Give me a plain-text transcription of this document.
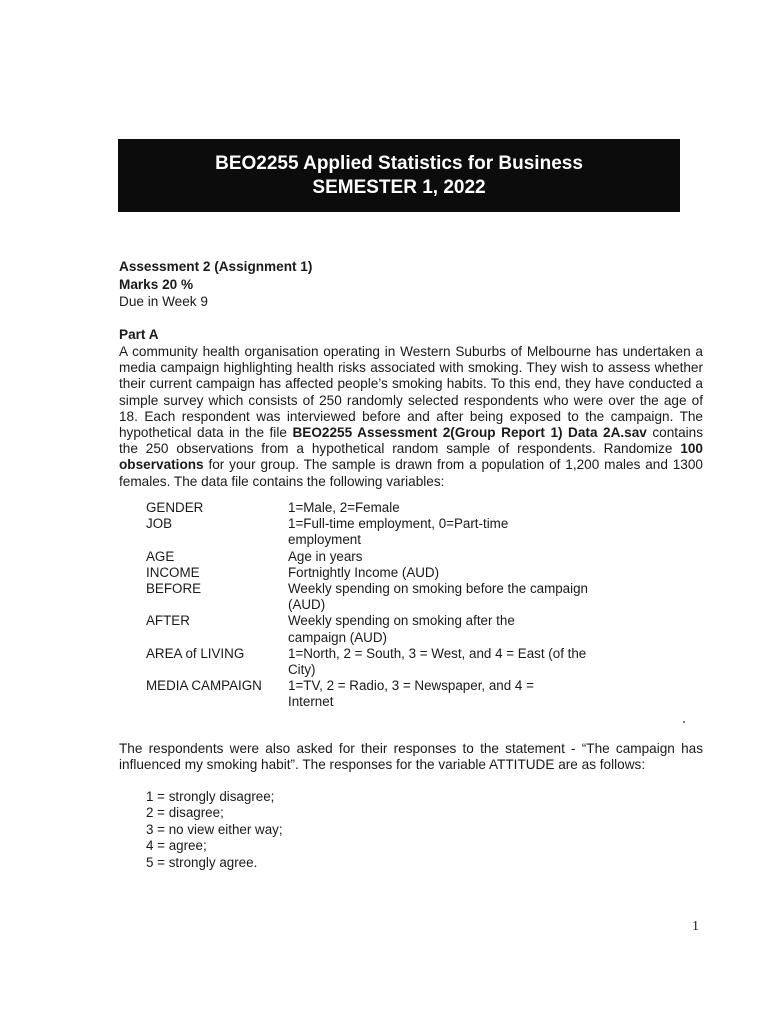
BEO2255 Applied Statistics for Business
SEMESTER 1, 2022
Assessment 2 (Assignment 1)
Marks 20 %
Due in Week 9
Part A
A community health organisation operating in Western Suburbs of Melbourne has undertaken a media campaign highlighting health risks associated with smoking. They wish to assess whether their current campaign has affected people’s smoking habits. To this end, they have conducted a simple survey which consists of 250 randomly selected respondents who were over the age of 18. Each respondent was interviewed before and after being exposed to the campaign. The hypothetical data in the file BEO2255 Assessment 2(Group Report 1) Data 2A.sav contains the 250 observations from a hypothetical random sample of respondents. Randomize 100 observations for your group. The sample is drawn from a population of 1,200 males and 1300 females. The data file contains the following variables:
GENDER	1=Male, 2=Female
JOB	1=Full-time employment, 0=Part-time employment
AGE	Age in years
INCOME	Fortnightly Income (AUD)
BEFORE	Weekly spending on smoking before the campaign (AUD)
AFTER	Weekly spending on smoking after the campaign (AUD)
AREA of LIVING	1=North, 2 = South, 3 = West, and 4 = East (of the City)
MEDIA CAMPAIGN	1=TV, 2 = Radio, 3 = Newspaper, and 4 = Internet
The respondents were also asked for their responses to the statement - “The campaign has influenced my smoking habit”. The responses for the variable ATTITUDE are as follows:
1 = strongly disagree;
2 = disagree;
3 = no view either way;
4 = agree;
5 = strongly agree.
1
